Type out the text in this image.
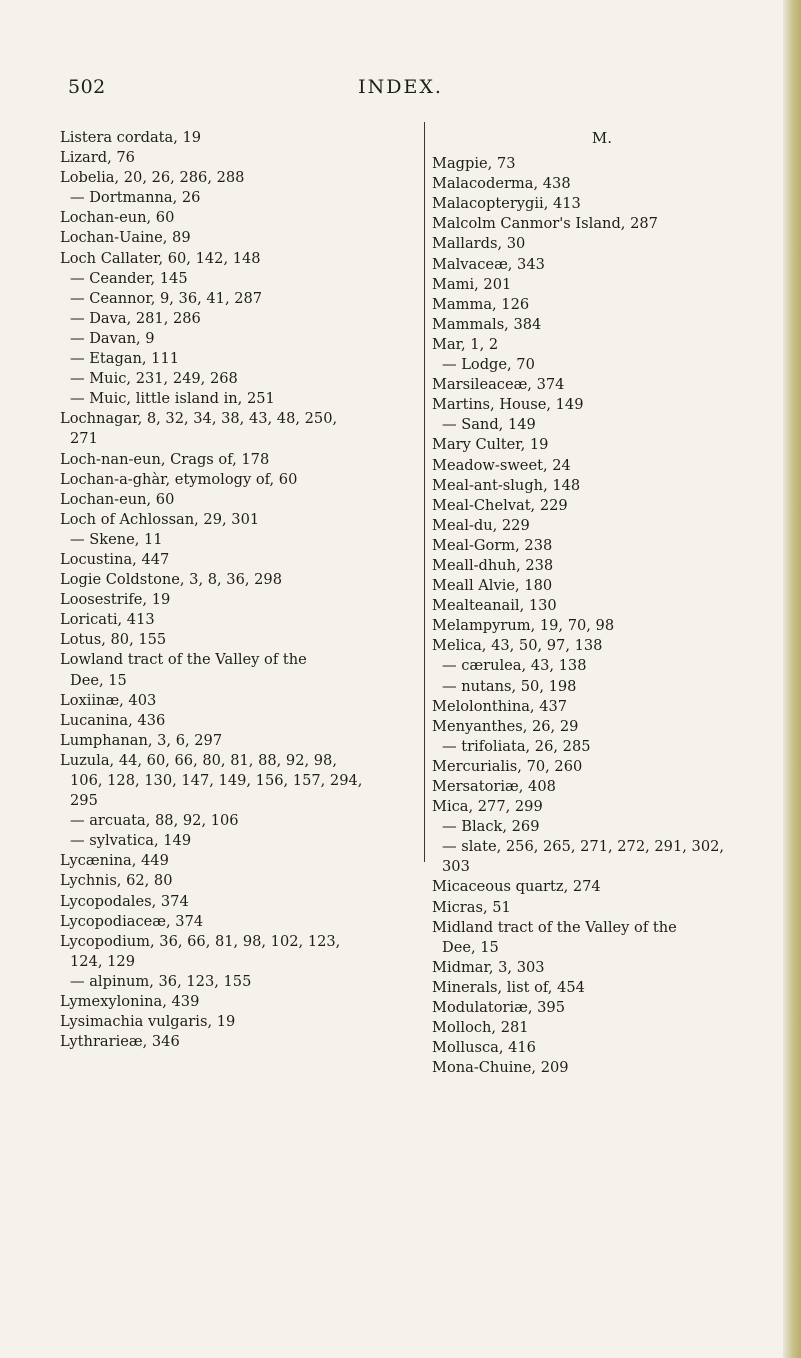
502	INDEX.
Listera cordata, 19
Lizard, 76
Lobelia, 20, 26, 286, 288
— Dortmanna, 26
Lochan-eun, 60
Lochan-Uaine, 89
Loch Callater, 60, 142, 148
— Ceander, 145
— Ceannor, 9, 36, 41, 287
— Dava, 281, 286
— Davan, 9
— Etagan, 111
— Muic, 231, 249, 268
— Muic, little island in, 251
Lochnagar, 8, 32, 34, 38, 43, 48, 250,
271
Loch-nan-eun, Crags of, 178
Lochan-a-ghàr, etymology of, 60
Lochan-eun, 60
Loch of Achlossan, 29, 301
— Skene, 11
Locustina, 447
Logie Coldstone, 3, 8, 36, 298
Loosestrife, 19
Loricati, 413
Lotus, 80, 155
Lowland tract of the Valley of the
Dee, 15
Loxiinæ, 403
Lucanina, 436
Lumphanan, 3, 6, 297
Luzula, 44, 60, 66, 80, 81, 88, 92, 98,
106, 128, 130, 147, 149, 156, 157, 294,
295
— arcuata, 88, 92, 106
— sylvatica, 149
Lycænina, 449
Lychnis, 62, 80
Lycopodales, 374
Lycopodiaceæ, 374
Lycopodium, 36, 66, 81, 98, 102, 123,
124, 129
— alpinum, 36, 123, 155
Lymexylonina, 439
Lysimachia vulgaris, 19
Lythrarieæ, 346
M.
Magpie, 73
Malacoderma, 438
Malacopterygii, 413
Malcolm Canmor's Island, 287
Mallards, 30
Malvaceæ, 343
Mami, 201
Mamma, 126
Mammals, 384
Mar, 1, 2
— Lodge, 70
Marsileaceæ, 374
Martins, House, 149
— Sand, 149
Mary Culter, 19
Meadow-sweet, 24
Meal-ant-slugh, 148
Meal-Chelvat, 229
Meal-du, 229
Meal-Gorm, 238
Meall-dhuh, 238
Meall Alvie, 180
Mealteanail, 130
Melampyrum, 19, 70, 98
Melica, 43, 50, 97, 138
— cærulea, 43, 138
— nutans, 50, 198
Melolonthina, 437
Menyanthes, 26, 29
— trifoliata, 26, 285
Mercurialis, 70, 260
Mersatoriæ, 408
Mica, 277, 299
— Black, 269
— slate, 256, 265, 271, 272, 291, 302,
303
Micaceous quartz, 274
Micras, 51
Midland tract of the Valley of the
Dee, 15
Midmar, 3, 303
Minerals, list of, 454
Modulatoriæ, 395
Molloch, 281
Mollusca, 416
Mona-Chuine, 209
